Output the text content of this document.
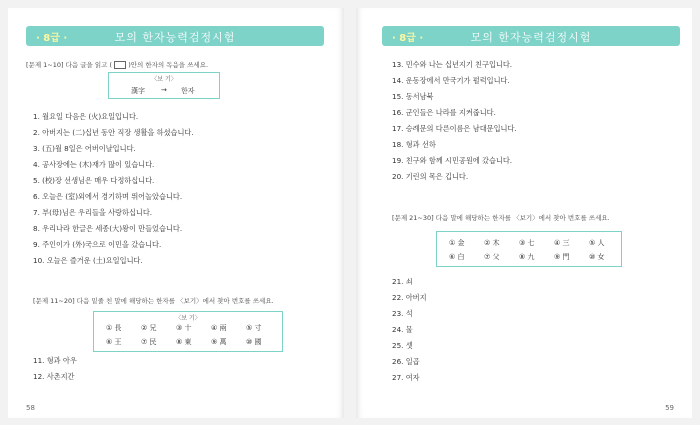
· 8급 ·	모의 한자능력검정시험
[문제 1~10] 다음 글을 읽고 ( )안의 한자의 독음을 쓰세요.
〈보 기〉
漢字 → 한자
1. 월요일 다음은 (火)요일입니다.
2. 아버지는 (二)십년 동안 직장 생활을 하셨습니다.
3. (五)월 8일은 어버이날입니다.
4. 공사장에는 (木)재가 많이 있습니다.
5. (校)장 선생님은 매우 다정하십니다.
6. 오늘은 (室)외에서 경기하며 뛰어놀았습니다.
7. 부(母)님은 우리들을 사랑하십니다.
8. 우리나라 한글은 세종(大)왕이 만들었습니다.
9. 주인이가 (外)국으로 이민을 갔습니다.
10. 오늘은 즐거운 (土)요일입니다.
[문제 11~20] 다음 밑줄 친 말에 해당하는 한자를 〈보기〉에서 찾아 번호를 쓰세요.
〈보 기〉
① 長	② 兄	③ 十	④ 兩	⑤ 寸
⑥ 王	⑦ 民	⑧ 東	⑨ 萬	⑩ 國
11. 형과 아우
12. 사촌지간
58
· 8급 ·	모의 한자능력검정시험
13. 민수와 나는 십년지기 친구입니다.
14. 운동장에서 만국기가 펄럭입니다.
15. 동서남북
16. 군인들은 나라를 지켜줍니다.
17. 승례문의 다른이름은 남대문입니다.
18. 형과 선하
19. 친구와 함께 시민공원에 갔습니다.
20. 기린의 목은 깁니다.
[문제 21~30] 다음 말에 해당하는 한자를 〈보기〉에서 찾아 번호를 쓰세요.
① 金	② 木	③ 七	④ 三	⑤ 人
⑥ 白	⑦ 父	⑧ 九	⑨ 門	⑩ 女
21. 쇠
22. 아버지
23. 석
24. 물
25. 셋
26. 일곱
27. 여자
59
